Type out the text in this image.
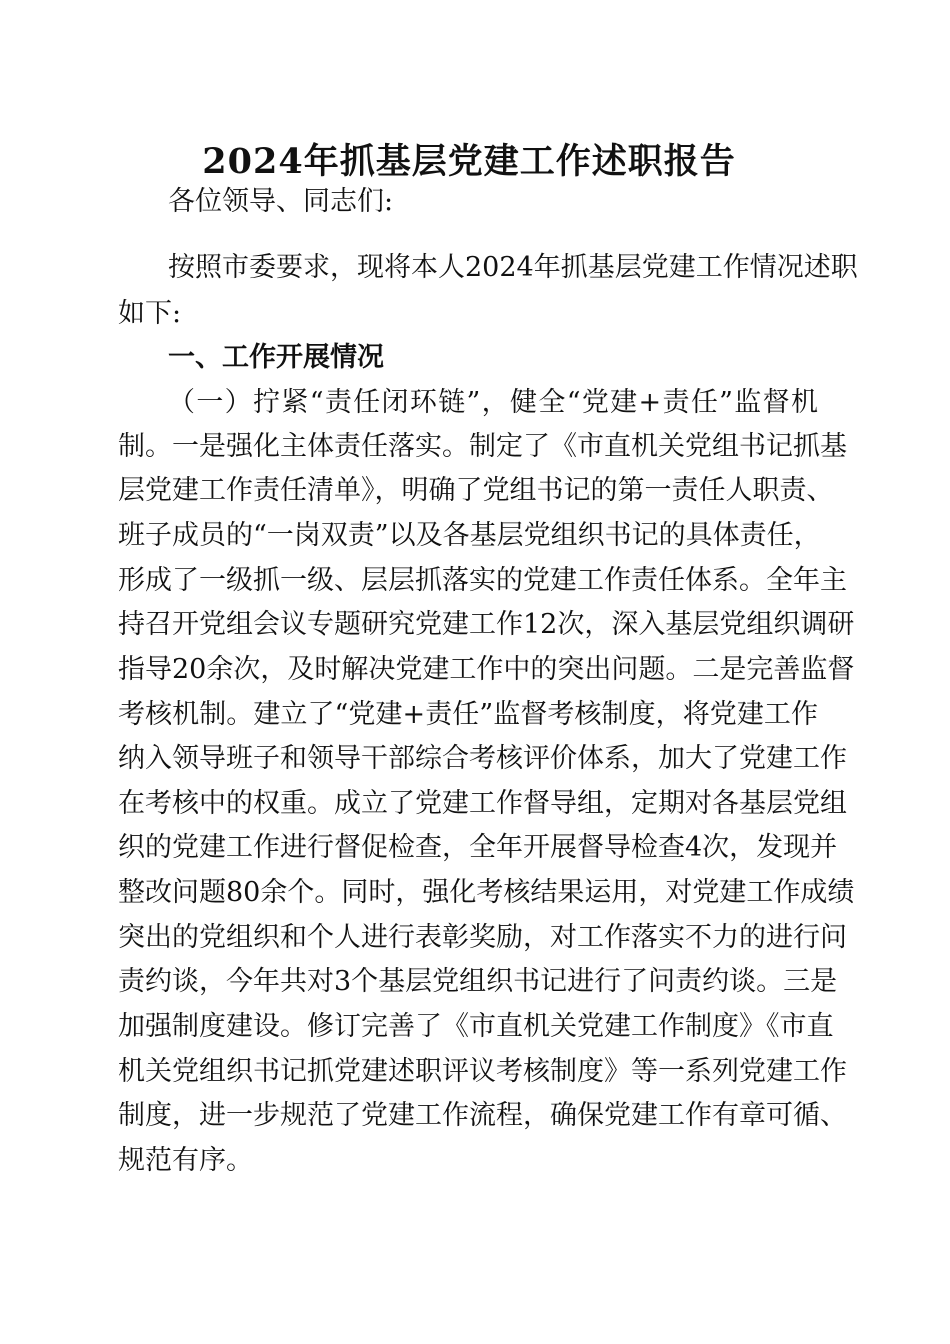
2024年抓基层党建工作述职报告
各位领导、同志们:
按照市委要求，现将本人2024年抓基层党建工作情况述职
如下:
一、工作开展情况
（一）拧紧“责任闭环链”，健全“党建+责任”监督机
制。一是强化主体责任落实。制定了《市直机关党组书记抓基
层党建工作责任清单》，明确了党组书记的第一责任人职责、
班子成员的“一岗双责”以及各基层党组织书记的具体责任，
形成了一级抓一级、层层抓落实的党建工作责任体系。全年主
持召开党组会议专题研究党建工作12次，深入基层党组织调研
指导20余次，及时解决党建工作中的突出问题。二是完善监督
考核机制。建立了“党建+责任”监督考核制度，将党建工作
纳入领导班子和领导干部综合考核评价体系，加大了党建工作
在考核中的权重。成立了党建工作督导组，定期对各基层党组
织的党建工作进行督促检查，全年开展督导检查4次，发现并
整改问题80余个。同时，强化考核结果运用，对党建工作成绩
突出的党组织和个人进行表彰奖励，对工作落实不力的进行问
责约谈，今年共对3个基层党组织书记进行了问责约谈。三是
加强制度建设。修订完善了《市直机关党建工作制度》《市直
机关党组织书记抓党建述职评议考核制度》等一系列党建工作
制度，进一步规范了党建工作流程，确保党建工作有章可循、
规范有序。
